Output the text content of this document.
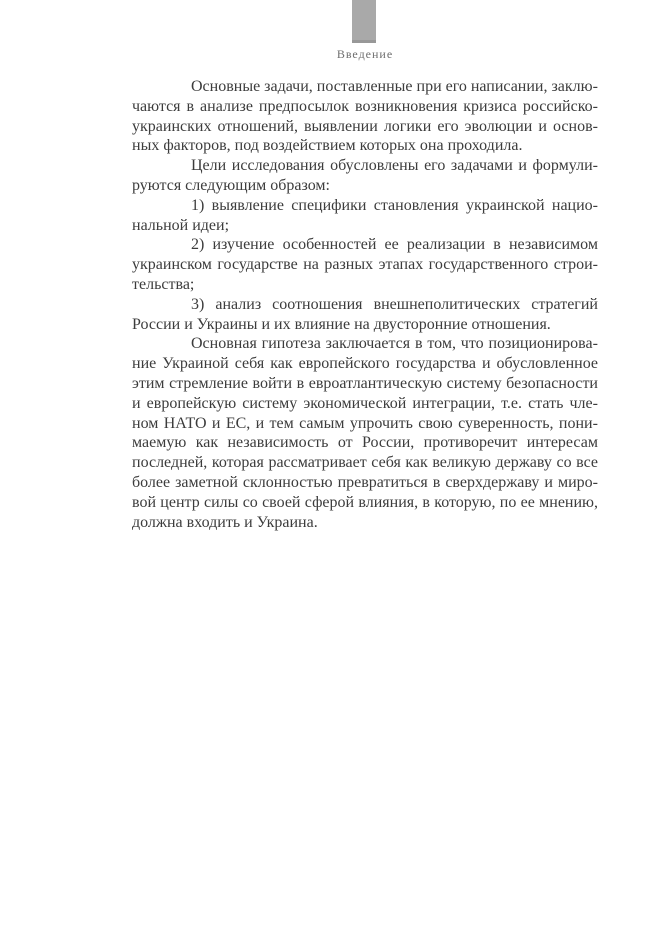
Введение
Основные задачи, поставленные при его написании, заклю-
чаются в анализе предпосылок возникновения кризиса российско-
украинских отношений, выявлении логики его эволюции и основ-
ных факторов, под воздействием которых она проходила.
Цели исследования обусловлены его задачами и формули-
руются следующим образом:
1) выявление специфики становления украинской нацио-
нальной идеи;
2) изучение особенностей ее реализации в независимом
украинском государстве на разных этапах государственного строи-
тельства;
3) анализ соотношения внешнеполитических стратегий
России и Украины и их влияние на двусторонние отношения.
Основная гипотеза заключается в том, что позиционирова-
ние Украиной себя как европейского государства и обусловленное
этим стремление войти в евроатлантическую систему безопасности
и европейскую систему экономической интеграции, т.е. стать чле-
ном НАТО и ЕС, и тем самым упрочить свою суверенность, пони-
маемую как независимость от России, противоречит интересам
последней, которая рассматривает себя как великую державу со все
более заметной склонностью превратиться в сверхдержаву и миро-
вой центр силы со своей сферой влияния, в которую, по ее мнению,
должна входить и Украина.
